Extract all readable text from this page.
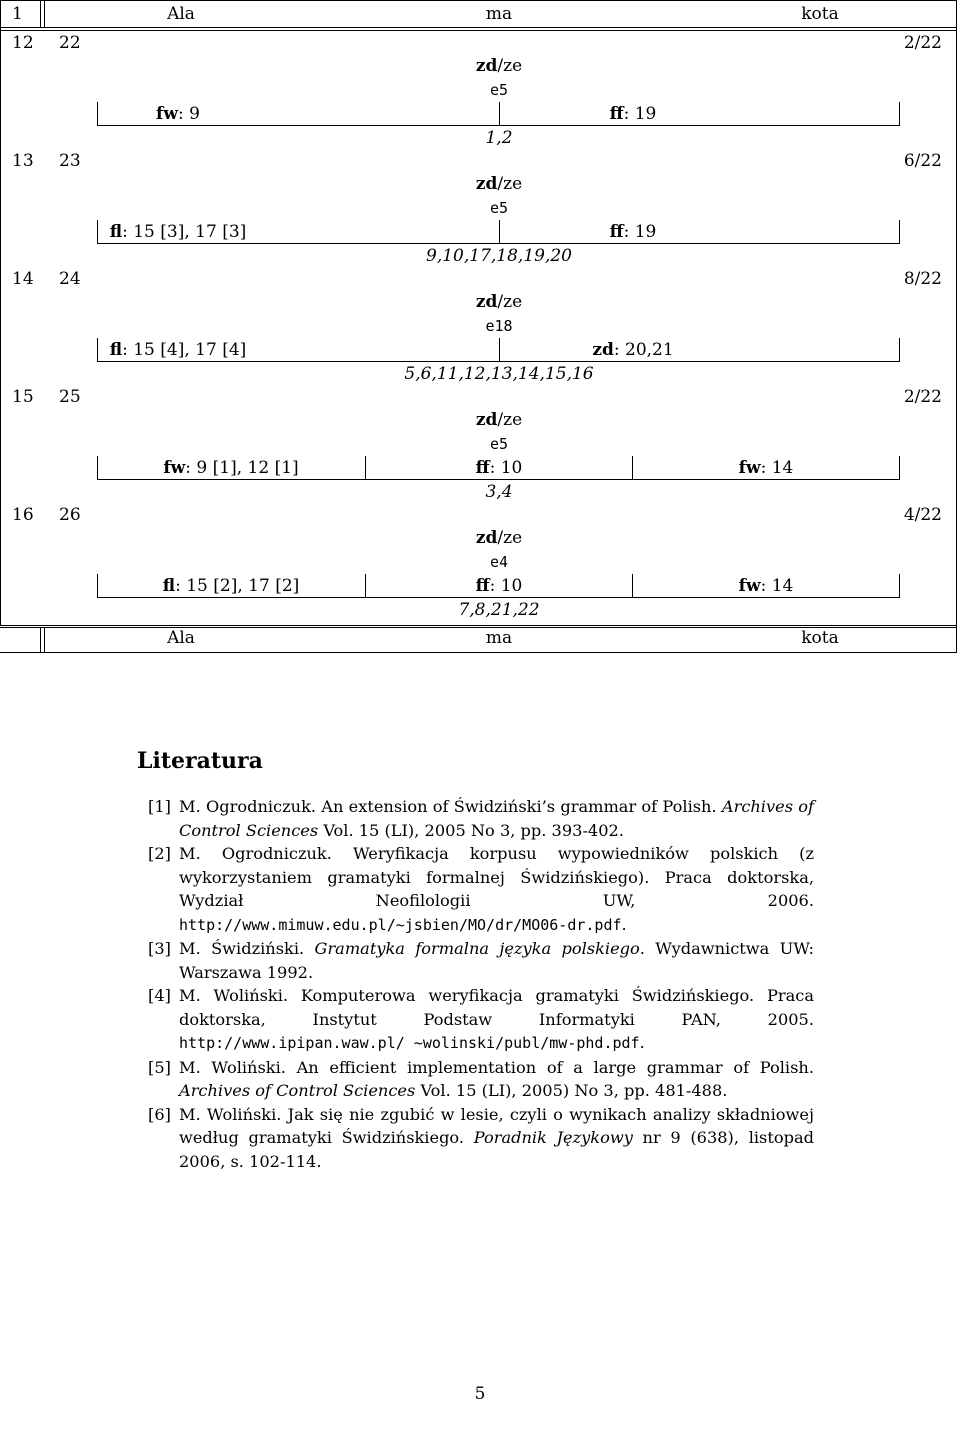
1	Ala	ma	kota
12 22	2/22
zd/ze
e5
fw: 9	ff: 19
1,2
13 23	6/22
zd/ze
e5
fl: 15 [3], 17 [3]	ff: 19
9,10,17,18,19,20
14 24	8/22
zd/ze
e18
fl: 15 [4], 17 [4]	zd: 20,21
5,6,11,12,13,14,15,16
15 25	2/22
zd/ze
e5
fw: 9 [1], 12 [1]	ff: 10	fw: 14
3,4
16 26	4/22
zd/ze
e4
fl: 15 [2], 17 [2]	ff: 10	fw: 14
7,8,21,22
Ala	ma	kota
Literatura
[1] M. Ogrodniczuk. An extension of Świdziński’s grammar of Polish. Archives of Control Sciences Vol. 15 (LI), 2005 No 3, pp. 393-402.
[2] M. Ogrodniczuk. Weryfikacja korpusu wypowiedników polskich (z wykorzystaniem gramatyki formalnej Świdzińskiego). Praca doktorska, Wydział Neofilologii UW, 2006. http://www.mimuw.edu.pl/~jsbien/MO/dr/MO06-dr.pdf.
[3] M. Świdziński. Gramatyka formalna języka polskiego. Wydawnictwa UW: Warszawa 1992.
[4] M. Woliński. Komputerowa weryfikacja gramatyki Świdzińskiego. Praca doktorska, Instytut Podstaw Informatyki PAN, 2005. http://www.ipipan.waw.pl/ ~wolinski/publ/mw-phd.pdf.
[5] M. Woliński. An efficient implementation of a large grammar of Polish. Archives of Control Sciences Vol. 15 (LI), 2005) No 3, pp. 481-488.
[6] M. Woliński. Jak się nie zgubić w lesie, czyli o wynikach analizy składniowej według gramatyki Świdzińskiego. Poradnik Językowy nr 9 (638), listopad 2006, s. 102-114.
5
